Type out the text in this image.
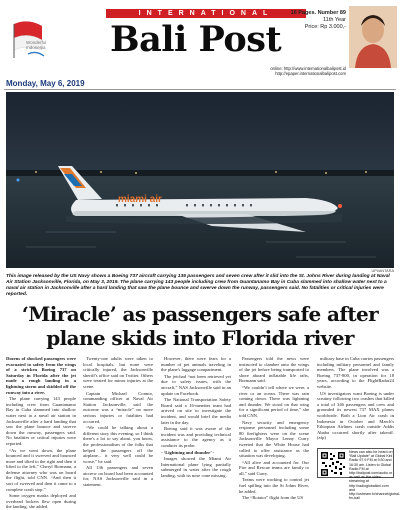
Wonderful Indonesia
INTERNATIONAL
Bali Post
16 Pages. Number 89
11th Year
Price: Rp 3.000,-
online: http://www.internationalbalipost.id
http://epaper.internationalbalipost.com
Monday, May 6, 2019
miami air
UPI/ANTARA
This image released by the US Navy shows a Boeing 737 aircraft carrying 136 passengers and seven crew after it slid into the St. Johns River during landing at Naval Air Station Jacksonville, Florida, on May 3, 2019. The plane carrying 143 people including crew from Guantanamo Bay in Cuba slammed into shallow water next to a naval air station in Jacksonville after a hard landing that saw the plane bounce and swerve down the runway, passengers said. No fatalities or critical injuries were reported.
‘Miracle’ as passengers safe after
plane skids into Florida river

Dozens of shocked passengers were evacuated to safety from the wings of a stricken Boeing 737 on Saturday in Florida after the jet made a rough landing in a lightning storm and skidded off the runway into a river.

The plane carrying 143 people including crew from Guantanamo Bay in Cuba slammed into shallow water next to a naval air station in Jacksonville after a hard landing that saw the plane bounce and swerve down the runway, passengers said. No fatalities or critical injuries were reported.

“As we went down, the plane bounced and it swerved and bounced more and tilted to the right and then it lifted to the left,” Cheryl Bormann, a defense attorney who was on board the flight, told CNN. “And then it sort of swerved and then it came to a complete crash stop.”

Some oxygen masks deployed and overhead lockers flew open during the landing, she added.

Twenty-one adults were taken to local hospitals, but none were critically injured, the Jacksonville sheriff's office said on Twitter. Others were treated for minor injuries at the scene.

Captain Michael Connor, commanding officer at Naval Air Station Jacksonville, said the outcome was a “miracle” no more serious injuries or fatalities had occurred.

“We could be talking about a different story this evening, so I think there's a lot to say about, you know, the professionalism of the folks that helped the passengers off the airplane... it very well could be worse,” he said.

All 136 passengers and seven aircrew on board had been accounted for, NAS Jacksonville said in a statement.

However, there were fears for a number of pet animals traveling in the plane's luggage compartment.

The jetchad “not been retrieved yet due to safety issues, with the aircraft,” NAS Jacksonville said in an update on Facebook.

The National Transportation Safety Board said a 16-member team had arrived on site to investigate the incident, and would brief the media later in the day.

Boeing said it was aware of the incident was and providing technical assistance to the agency as it conducts its probe.

- ‘Lightning and thunder’ -

Images showed the Miami Air International plane lying partially submerged in water after the rough landing, with its nose cone missing.

Passengers told the news were instructed to clamber onto the wings of the jet before being transported to shore aboard inflatable life rafts, Bormann said.

“We couldn’t tell where we were, a river or an ocean. There was rain coming down. There was lightning and thunder. We stood on that wing for a significant period of time,” she told CNN.

Navy security and emergency response personnel including some 80 firefighters were on the scene Jacksonville Mayor Lenny Curry tweeted that the White House had called to offer assistance as the situation was developing.

“All alive and accounted for. Our Fire and Rescue teams are family to all,” said Curry.

Teams were working to control jet fuel spilling into the St Johns River, he added.

The “Rotator” flight from the US

military base in Cuba carries passengers including military personnel and family members. The plane involved was a Boeing 737-800, in operation for 18 years, according to the FlightRadar24 website.

US investigators want Boeing is under scrutiny following two crashes that killed a total of 346 passengers and crew and grounded its newest 737 MAX planes worldwide. Both a Lion Air crash in Indonesia in October and March's Ethiopian Airlines crash outside Addis Ababa occurred shortly after takeoff. (afp)

News can also be heard on “Bali Update” at Global Kini Radio 97.9 FM at 9:30 and 16:30 am. Listen to Global Radio FM at http://balipost.com/audio or as well as live video streaming at http://radioglobalkini.com and http://ustream.tv/channel/global-fm-bali
